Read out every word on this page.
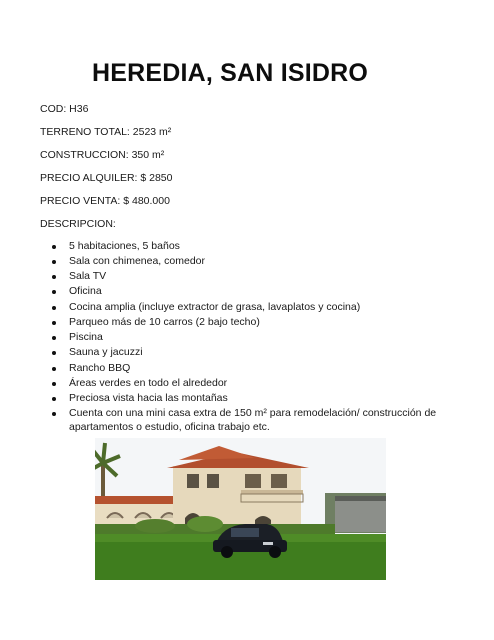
HEREDIA, SAN ISIDRO
COD: H36
TERRENO TOTAL: 2523 m²
CONSTRUCCION: 350 m²
PRECIO ALQUILER: $ 2850
PRECIO VENTA: $ 480.000
DESCRIPCION:
5 habitaciones, 5 baños
Sala con chimenea, comedor
Sala TV
Oficina
Cocina amplia (incluye extractor de grasa, lavaplatos y cocina)
Parqueo más de 10 carros (2 bajo techo)
Piscina
Sauna y jacuzzi
Rancho BBQ
Áreas verdes en todo el alrededor
Preciosa vista hacia las montañas
Cuenta con una mini casa extra de 150 m² para remodelación/ construcción de
apartamentos o estudio, oficina trabajo etc.
